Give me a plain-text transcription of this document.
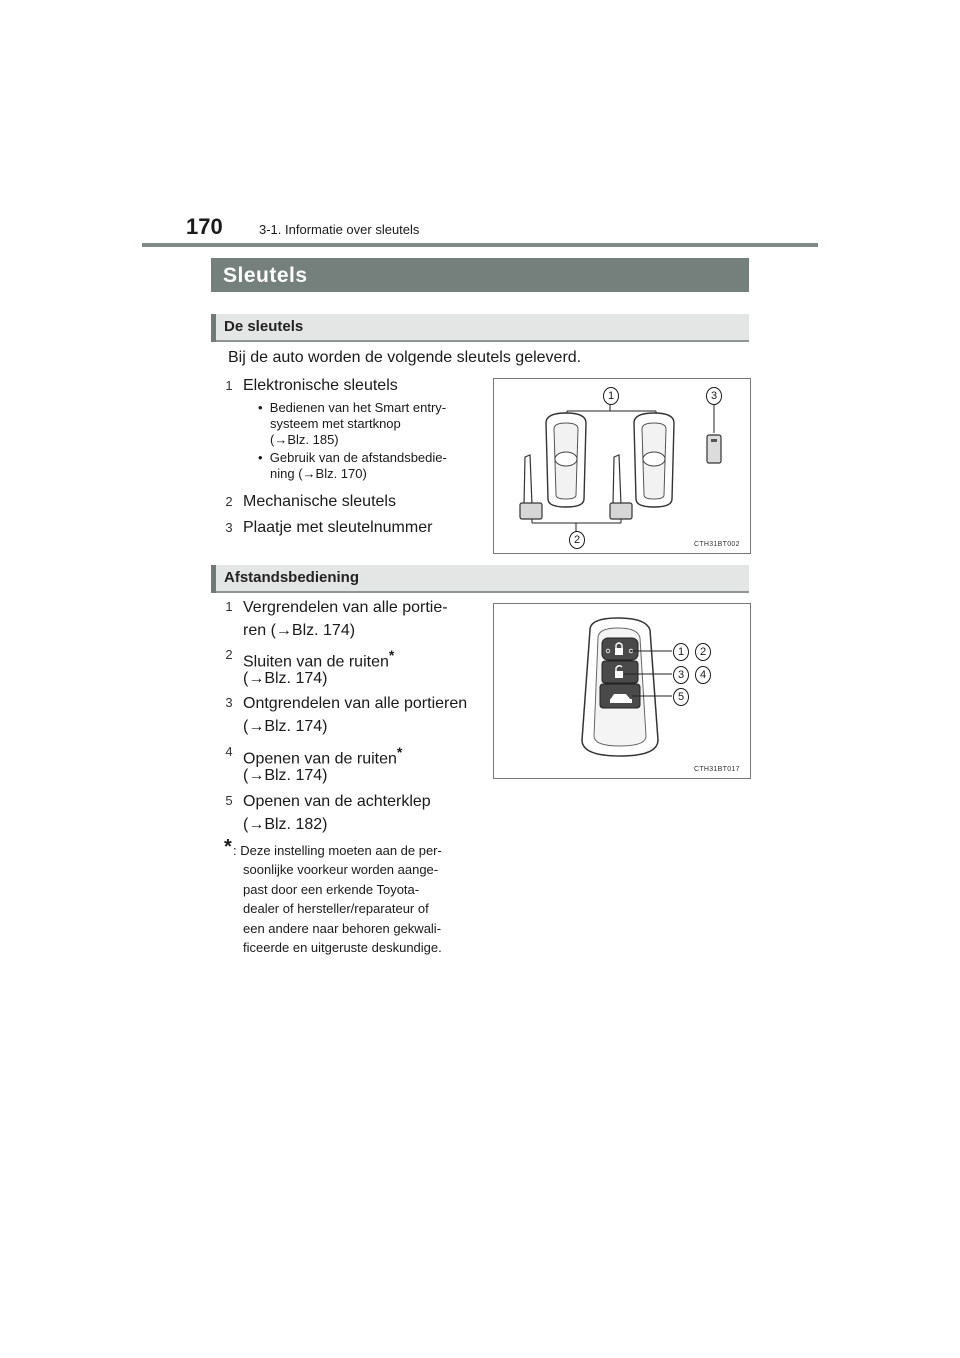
170	3-1. Informatie over sleutels
Sleutels
De sleutels
Bij de auto worden de volgende sleutels geleverd.
1 Elektronische sleutels
•  Bedienen van het Smart entry-
systeem met startknop
(→Blz. 185)
•  Gebruik van de afstandsbedie-
ning (→Blz. 170)
2 Mechanische sleutels
3 Plaatje met sleutelnummer
1
2
3
CTH31BT002
Afstandsbediening
1 Vergrendelen van alle portie-
ren (→Blz. 174)
2 Sluiten van de ruiten*
(→Blz. 174)
3 Ontgrendelen van alle portieren
(→Blz. 174)
4 Openen van de ruiten*
(→Blz. 174)
5 Openen van de achterklep
(→Blz. 182)
* : Deze instelling moeten aan de per-
soonlijke voorkeur worden aange-
past door een erkende Toyota-
dealer of hersteller/reparateur of
een andere naar behoren gekwali-
ficeerde en uitgeruste deskundige.
1	2
3	4
5
CTH31BT017
